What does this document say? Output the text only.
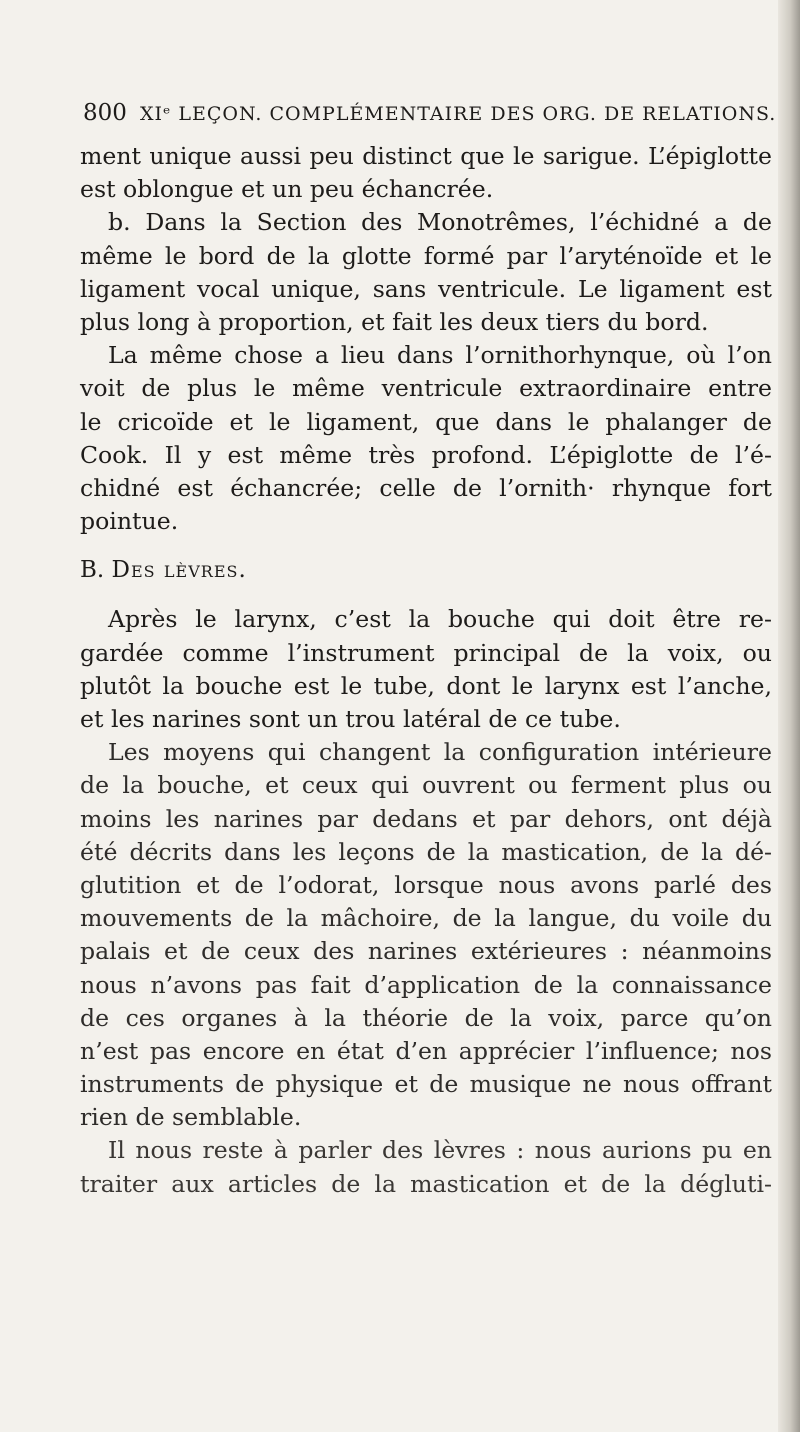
800 XIᵉ LEÇON. COMPLÉMENTAIRE DES ORG. DE RELATIONS.
ment unique aussi peu distinct que le sarigue. L’épiglotte
est oblongue et un peu échancrée.
b. Dans la Section des Monotrêmes, l’échidné a de
même le bord de la glotte formé par l’aryténoïde et le
ligament vocal unique, sans ventricule. Le ligament est
plus long à proportion, et fait les deux tiers du bord.
La même chose a lieu dans l’ornithorhynque, où l’on
voit de plus le même ventricule extraordinaire entre
le cricoïde et le ligament, que dans le phalanger de
Cook. Il y est même très profond. L’épiglotte de l’é-
chidné est échancrée; celle de l’ornith· rhynque fort
pointue.
B. Des lèvres.
Après le larynx, c’est la bouche qui doit être re-
gardée comme l’instrument principal de la voix, ou
plutôt la bouche est le tube, dont le larynx est l’anche,
et les narines sont un trou latéral de ce tube.
Les moyens qui changent la configuration intérieure
de la bouche, et ceux qui ouvrent ou ferment plus ou
moins les narines par dedans et par dehors, ont déjà
été décrits dans les leçons de la mastication, de la dé-
glutition et de l’odorat, lorsque nous avons parlé des
mouvements de la mâchoire, de la langue, du voile du
palais et de ceux des narines extérieures : néanmoins
nous n’avons pas fait d’application de la connaissance
de ces organes à la théorie de la voix, parce qu’on
n’est pas encore en état d’en apprécier l’influence; nos
instruments de physique et de musique ne nous offrant
rien de semblable.
Il nous reste à parler des lèvres : nous aurions pu en
traiter aux articles de la mastication et de la dégluti-
